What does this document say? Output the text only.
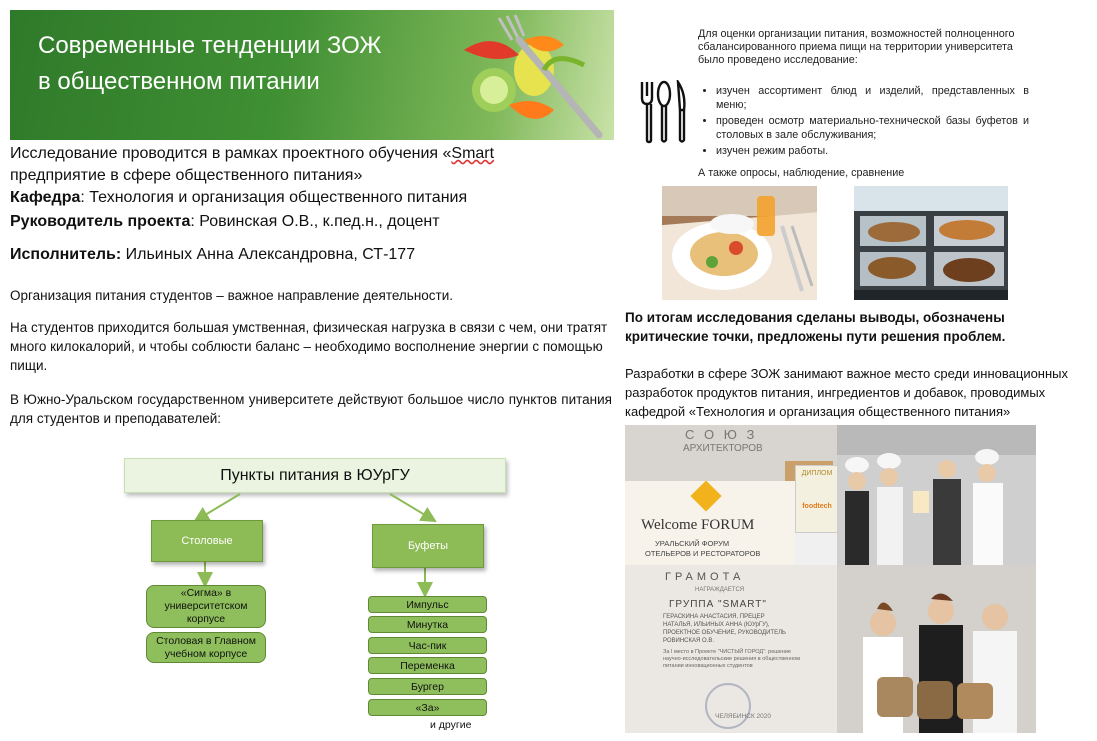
Современные тенденции ЗОЖ
в общественном питании
Исследование проводится в рамках проектного обучения «Smart
предприятие в сфере общественного питания»
Кафедра: Технология и организация общественного питания
Руководитель проекта: Ровинская О.В., к.пед.н., доцент
Исполнитель: Ильиных Анна Александровна, СТ-177
Организация питания студентов – важное направление деятельности.
На студентов приходится большая умственная, физическая нагрузка в связи с чем, они тратят много килокалорий, и чтобы соблюсти баланс – необходимо восполнение энергии с помощью пищи.
В Южно-Уральском государственном университете действуют большое число пунктов питания для студентов и преподавателей:
Пункты питания в ЮУрГУ
Столовые	Буфеты
«Сигма» в университетском корпусе
Столовая в Главном учебном корпусе
Импульс
Минутка
Час-пик
Переменка
Бургер
«За»
и другие
Для оценки организации питания, возможностей полноценного сбалансированного приема пищи на территории университета было проведено исследование:
• изучен ассортимент блюд и изделий, представленных в меню;
• проведен осмотр материально-технической базы буфетов и столовых в зале обслуживания;
• изучен режим работы.
А также опросы, наблюдение, сравнение
По итогам исследования сделаны выводы, обозначены критические точки, предложены пути решения проблем.
Разработки в сфере ЗОЖ занимают важное место среди инновационных разработок продуктов питания, ингредиентов и добавок, проводимых кафедрой «Технология и организация общественного питания»
С О Ю З
АРХИТЕКТОРОВ
ДИПЛОМ
foodtech
Welcome FORUM
УРАЛЬСКИЙ ФОРУМ
ОТЕЛЬЕРОВ И РЕСТОРАТОРОВ
ГРАМОТА
НАГРАЖДАЕТСЯ
ГРУППА "SMART"
ГЕРАСКИНА АНАСТАСИЯ, ПРЕЦЕР НАТАЛЬЯ, ИЛЬИНЫХ АННА (ЮУрГУ), ПРОЕКТНОЕ ОБУЧЕНИЕ, РУКОВОДИТЕЛЬ РОВИНСКАЯ О.В.
За I место в Проекте "ЧИСТЫЙ ГОРОД": решение научно-исследовательские решения в общественном питании инновационных студентов
ЧЕЛЯБИНСК 2020
